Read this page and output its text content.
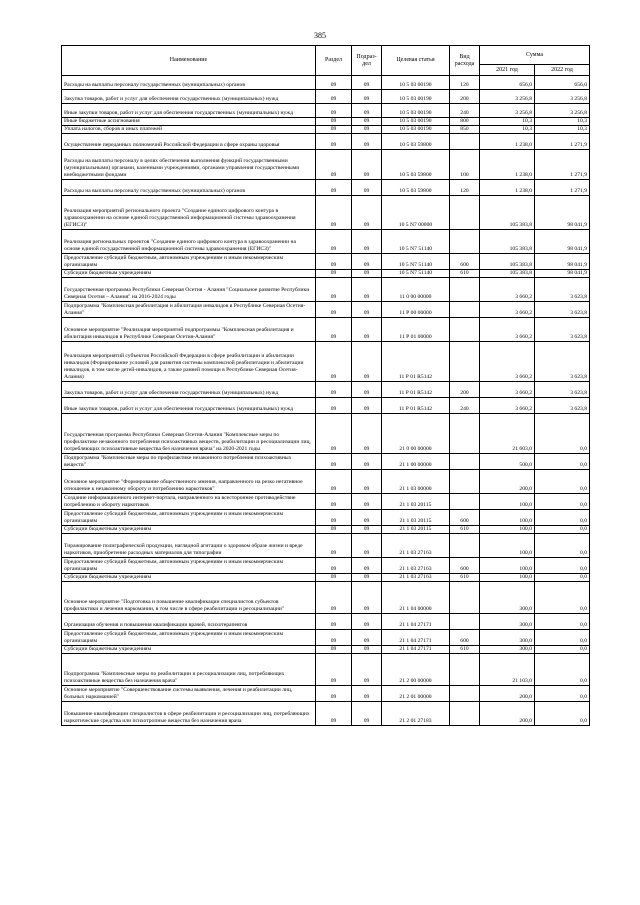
385
Наименование	Раздел	Подраз-дел	Целевая статья	Вид расхода	Сумма	
					2021 год	2022 год
Расходы на выплаты персоналу государственных (муниципальных) органов	09	09	10 5 03 00190	120	656,0	656,0
Закупка товаров, работ и услуг для обеспечения государственных (муниципальных) нужд	09	09	10 5 03 00190	200	3 256,8	3 256,8
Иные закупки товаров, работ и услуг для обеспечения государственных (муниципальных) нужд	09	09	10 5 03 00190	240	3 256,8	3 256,8
Иные бюджетные ассигнования	09	09	10 5 03 00190	800	10,3	10,3
Уплата налогов, сборов и иных платежей	09	09	10 5 03 00190	850	10,3	10,3
Осуществление переданных полномочий Российской Федерации в сфере охраны здоровья	09	09	10 5 03 59800		1 238,0	1 271,9
Расходы на выплаты персоналу в целях обеспечения выполнения функций государственными (муниципальными) органами, казенными учреждениями, органами управления государственными внебюджетными фондами	09	09	10 5 03 59800	100	1 238,0	1 271,9
Расходы на выплаты персоналу государственных (муниципальных) органов	09	09	10 5 03 59800	120	1 238,0	1 271,9
Реализация мероприятий регионального проекта "Создание единого цифрового контура в здравоохранении на основе единой государственной информационной системы здравоохранения (ЕГИСЗ)"	09	09	10 5 N7 00000		105 383,8	98 041,9
Реализация региональных проектов "Создание единого цифрового контура в здравоохранении на основе единой государственной информационной системы здравоохранения (ЕГИСЗ)"	09	09	10 5 N7 51140		105 383,8	98 041,9
Предоставление субсидий бюджетным, автономным учреждениям и иным некоммерческим организациям	09	09	10 5 N7 51140	600	105 383,8	98 041,9
Субсидии бюджетным учреждениям	09	09	10 5 N7 51140	610	105 383,8	98 041,9
Государственная программа Республики Северная Осетия - Алания "Социальное развитие Республики Северная Осетия – Алания" на 2016-2024 годы	09	09	11 0 00 00000		3 660,2	3 623,8
Подпрограмма "Комплексная реабилитация и абилитация инвалидов в Республике Северная Осетия-Алания"	09	09	11 Р 00 00000		3 660,2	3 623,8
Основное мероприятие "Реализация мероприятий подпрограммы "Комплексная реабилитация и абилитация инвалидов в Республике Северная Осетия-Алания"	09	09	11 Р 01 00000		3 660,2	3 623,8
Реализация мероприятий субъектов Российской Федерации в сфере реабилитации и абилитации инвалидов (Формирование условий для развития системы комплексной реабилитации и абилитации инвалидов, в том числе детей-инвалидов, а также ранней помощи в Республике Северная Осетия-Алания)	09	09	11 Р 01 R5142		3 660,2	3 623,8
Закупка товаров, работ и услуг для обеспечения государственных (муниципальных) нужд	09	09	11 Р 01 R5142	200	3 660,2	3 623,8
Иные закупки товаров, работ и услуг для обеспечения государственных (муниципальных) нужд	09	09	11 Р 01 R5142	240	3 660,2	3 623,8
Государственная программа Республики Северная Осетия-Алания "Комплексные меры по профилактике незаконного потребления психоактивных веществ, реабилитации и ресоциализации лиц, потребляющих психоактивные вещества без назначения врача" на 2020-2021 годы	09	09	21 0 00 00000		21 603,0	0,0
Подпрограмма "Комплексные меры по профилактике незаконного потребления психоактивных веществ"	09	09	21 1 00 00000		500,0	0,0
Основное мероприятие "Формирование общественного мнения, направленного на резко негативное отношение к незаконному обороту и потреблению наркотиков"	09	09	21 1 03 00000		200,0	0,0
Создание информационного интернет-портала, направленного на всестороннее противодействие потреблению и обороту наркотиков	09	09	21 1 03 20115		100,0	0,0
Предоставление субсидий бюджетным, автономным учреждениям и иным некоммерческим организациям	09	09	21 1 03 20115	600	100,0	0,0
Субсидии бюджетным учреждениям	09	09	21 1 03 20115	610	100,0	0,0
Тиражирование полиграфической продукции, наглядной агитации о здоровом образе жизни и вреде наркотиков, приобретение расходных материалов для типографии	09	09	21 1 03 27163		100,0	0,0
Предоставление субсидий бюджетным, автономным учреждениям и иным некоммерческим организациям	09	09	21 1 03 27163	600	100,0	0,0
Субсидии бюджетным учреждениям	09	09	21 1 03 27163	610	100,0	0,0
Основное мероприятие "Подготовка и повышение квалификации специалистов субъектов профилактики и лечения наркомании, в том числе в сфере реабилитации и ресоциализации"	09	09	21 1 04 00000		300,0	0,0
Организация обучения и повышения квалификации врачей, психотерапевтов	09	09	21 1 04 27171		300,0	0,0
Предоставление субсидий бюджетным, автономным учреждениям и иным некоммерческим организациям	09	09	21 1 04 27171	600	300,0	0,0
Субсидии бюджетным учреждениям	09	09	21 1 04 27171	610	300,0	0,0
Подпрограмма "Комплексные меры по реабилитации и ресоциализации лиц, потребляющих психоактивные вещества без назначения врача"	09	09	21 2 00 00000		21 103,0	0,0
Основное мероприятие "Совершенствование системы выявления, лечения и реабилитации лиц, больных наркоманией"	09	09	21 2 01 00000		200,0	0,0
Повышение квалификации специалистов в сфере реабилитации и ресоциализации лиц, потребляющих наркотические средства или психотропные вещества без назначения врача	09	09	21 2 01 27183		200,0	0,0
